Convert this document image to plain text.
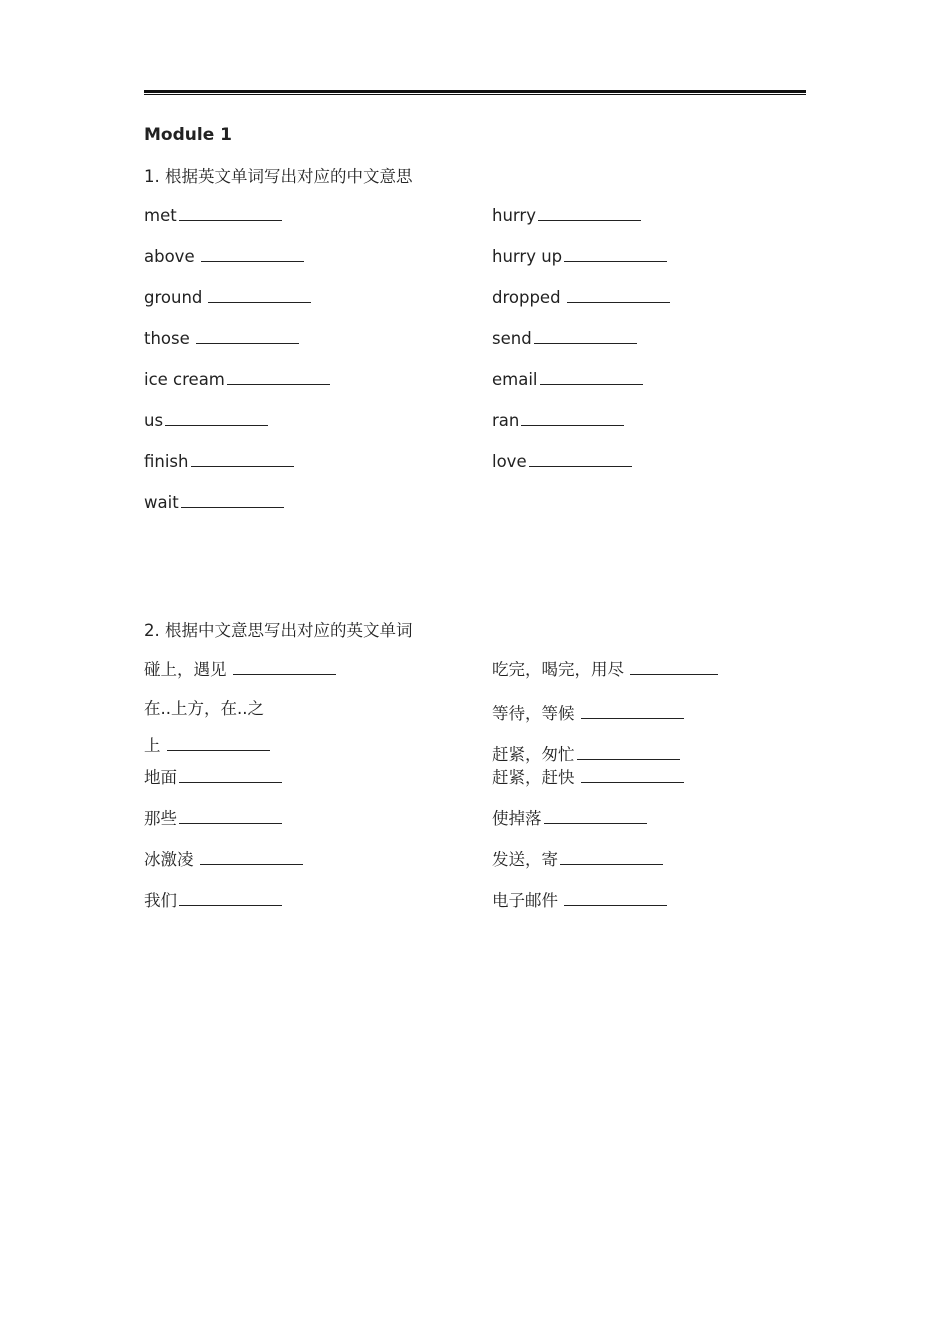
Module 1
1. 根据英文单词写出对应的中文意思
met
above
ground
those
ice cream
us
finish
wait
hurry
hurry up
dropped
send
email
ran
love
2. 根据中文意思写出对应的英文单词
碰上，遇见
在..上方，在..之
上
地面
那些
冰激凌
我们
吃完，喝完，用尽
等待，等候
赶紧，匆忙
赶紧，赶快
使掉落
发送，寄
电子邮件
